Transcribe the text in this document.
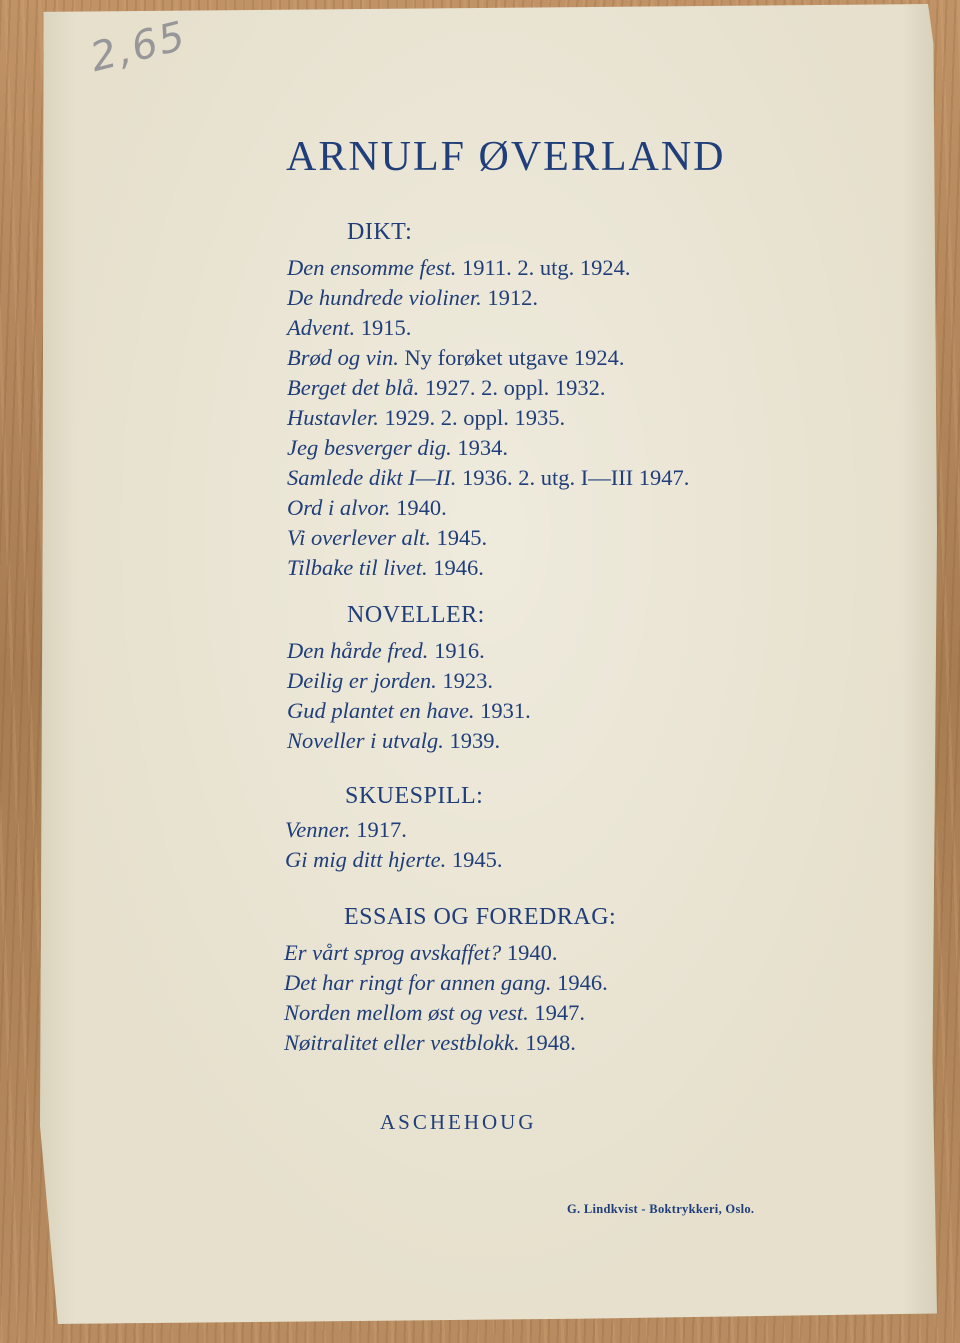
2,65
ARNULF ØVERLAND
DIKT:
Den ensomme fest. 1911. 2. utg. 1924.
De hundrede violiner. 1912.
Advent. 1915.
Brød og vin. Ny forøket utgave 1924.
Berget det blå. 1927. 2. oppl. 1932.
Hustavler. 1929. 2. oppl. 1935.
Jeg besverger dig. 1934.
Samlede dikt I—II. 1936. 2. utg. I—III 1947.
Ord i alvor. 1940.
Vi overlever alt. 1945.
Tilbake til livet. 1946.
NOVELLER:
Den hårde fred. 1916.
Deilig er jorden. 1923.
Gud plantet en have. 1931.
Noveller i utvalg. 1939.
SKUESPILL:
Venner. 1917.
Gi mig ditt hjerte. 1945.
ESSAIS OG FOREDRAG:
Er vårt sprog avskaffet? 1940.
Det har ringt for annen gang. 1946.
Norden mellom øst og vest. 1947.
Nøitralitet eller vestblokk. 1948.
ASCHEHOUG
G. Lindkvist - Boktrykkeri, Oslo.
